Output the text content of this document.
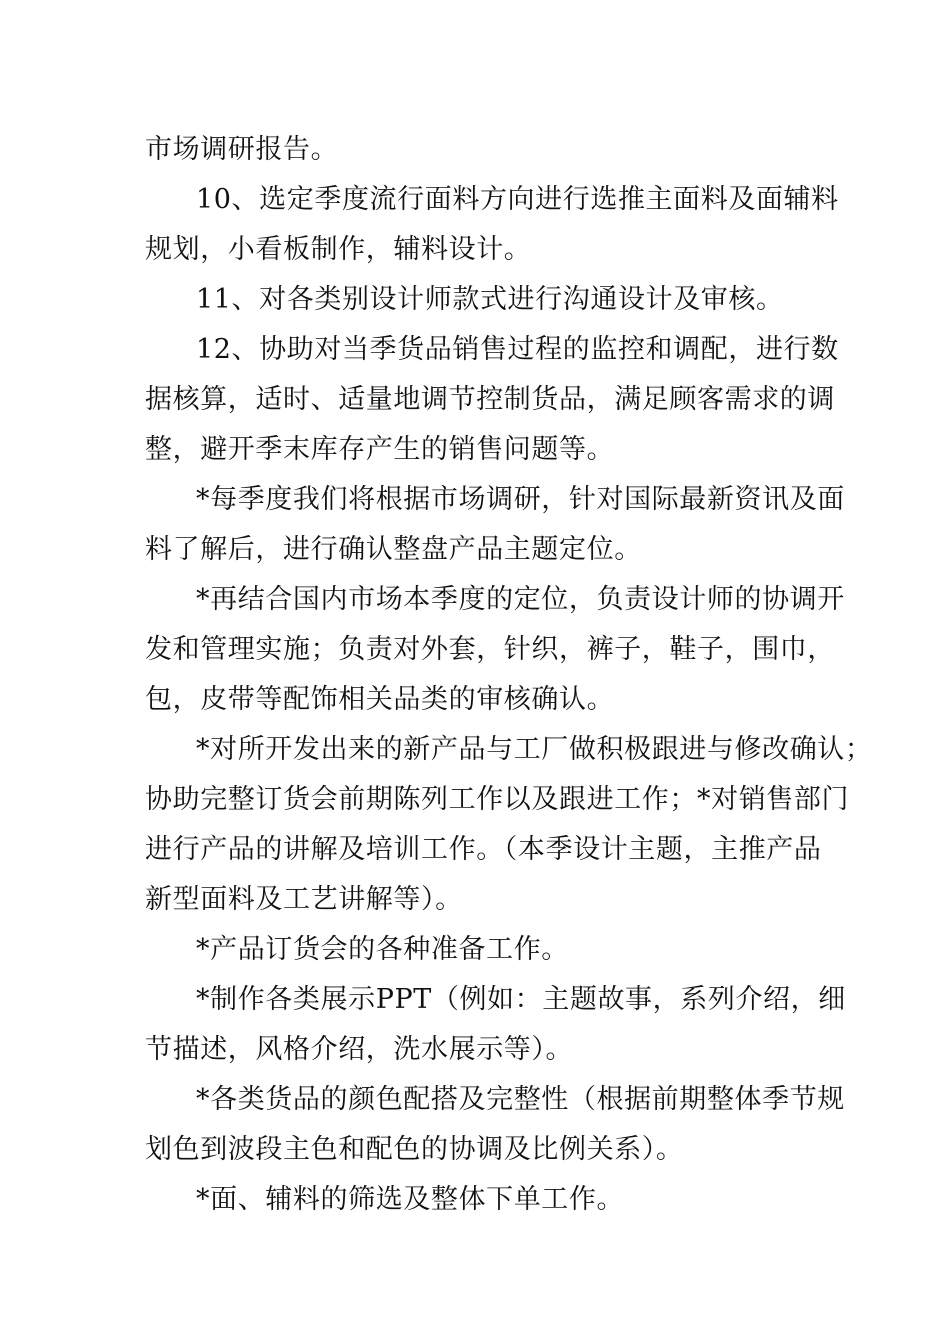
市场调研报告。

10、选定季度流行面料方向进行选推主面料及面辅料

规划，小看板制作，辅料设计。

11、对各类别设计师款式进行沟通设计及审核。

12、协助对当季货品销售过程的监控和调配，进行数

据核算，适时、适量地调节控制货品，满足顾客需求的调

整，避开季末库存产生的销售问题等。

*每季度我们将根据市场调研，针对国际最新资讯及面

料了解后，进行确认整盘产品主题定位。

*再结合国内市场本季度的定位，负责设计师的协调开

发和管理实施；负责对外套，针织，裤子，鞋子，围巾，

包，皮带等配饰相关品类的审核确认。

*对所开发出来的新产品与工厂做积极跟进与修改确认；

协助完整订货会前期陈列工作以及跟进工作；*对销售部门

进行产品的讲解及培训工作。（本季设计主题，主推产品

新型面料及工艺讲解等）。

*产品订货会的各种准备工作。

*制作各类展示PPT（例如：主题故事，系列介绍，细

节描述，风格介绍，洗水展示等）。

*各类货品的颜色配搭及完整性（根据前期整体季节规

划色到波段主色和配色的协调及比例关系）。

*面、辅料的筛选及整体下单工作。
